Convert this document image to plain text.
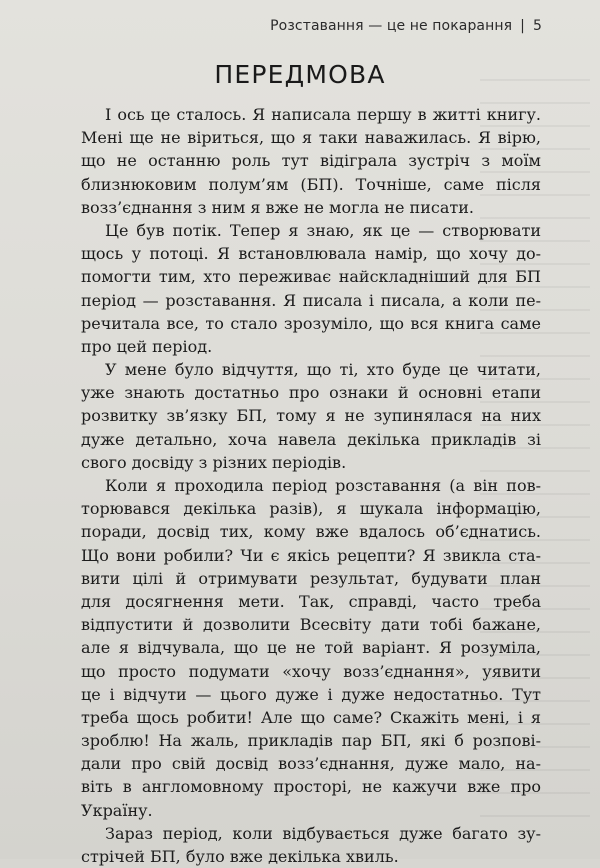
Розставання — це не покарання | 5
ПЕРЕДМОВА
І ось це сталось. Я написала першу в житті книгу.
Мені ще не віриться, що я таки наважилась. Я вірю,
що не останню роль тут відіграла зустріч з моїм
близнюковим полум’ям (БП). Точніше, саме після
возз’єднання з ним я вже не могла не писати.
Це був потік. Тепер я знаю, як це — створювати
щось у потоці. Я встановлювала намір, що хочу до-
помогти тим, хто переживає найскладніший для БП
період — розставання. Я писала і писала, а коли пе-
речитала все, то стало зрозуміло, що вся книга саме
про цей період.
У мене було відчуття, що ті, хто буде це читати,
уже знають достатньо про ознаки й основні етапи
розвитку зв’язку БП, тому я не зупинялася на них
дуже детально, хоча навела декілька прикладів зі
свого досвіду з різних періодів.
Коли я проходила період розставання (а він пов-
торювався декілька разів), я шукала інформацію,
поради, досвід тих, кому вже вдалось об’єднатись.
Що вони робили? Чи є якісь рецепти? Я звикла ста-
вити цілі й отримувати результат, будувати план
для досягнення мети. Так, справді, часто треба
відпустити й дозволити Всесвіту дати тобі бажане,
але я відчувала, що це не той варіант. Я розуміла,
що просто подумати «хочу возз’єднання», уявити
це і відчути — цього дуже і дуже недостатньо. Тут
треба щось робити! Але що саме? Скажіть мені, і я
зроблю! На жаль, прикладів пар БП, які б розпові-
дали про свій досвід возз’єднання, дуже мало, на-
віть в англомовному просторі, не кажучи вже про
Україну.
Зараз період, коли відбувається дуже багато зу-
стрічей БП, було вже декілька хвиль.
